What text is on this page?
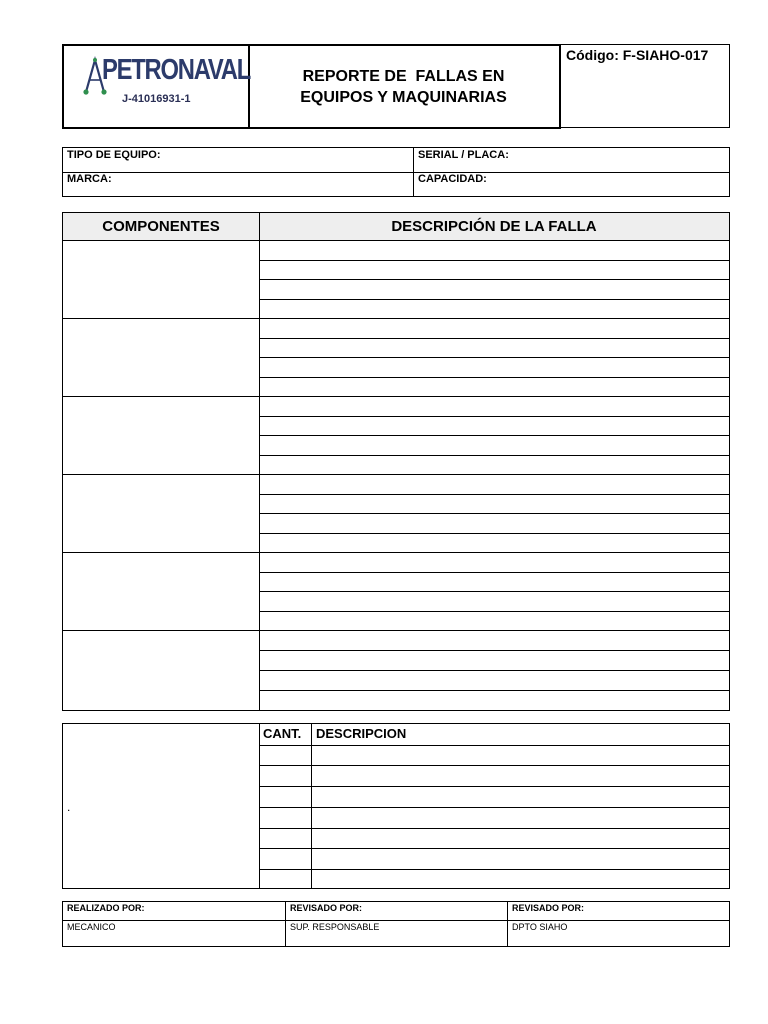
PETRONAVAL
J-41016931-1
REPORTE DE  FALLAS EN
EQUIPOS Y MAQUINARIAS
Código: F-SIAHO-017
TIPO DE EQUIPO:	SERIAL / PLACA:
MARCA:	CAPACIDAD:
COMPONENTES	DESCRIPCIÓN DE LA FALLA
CANT.	DESCRIPCION
.
REALIZADO POR:	REVISADO POR:	REVISADO POR:
MECANICO	SUP. RESPONSABLE	DPTO SIAHO
